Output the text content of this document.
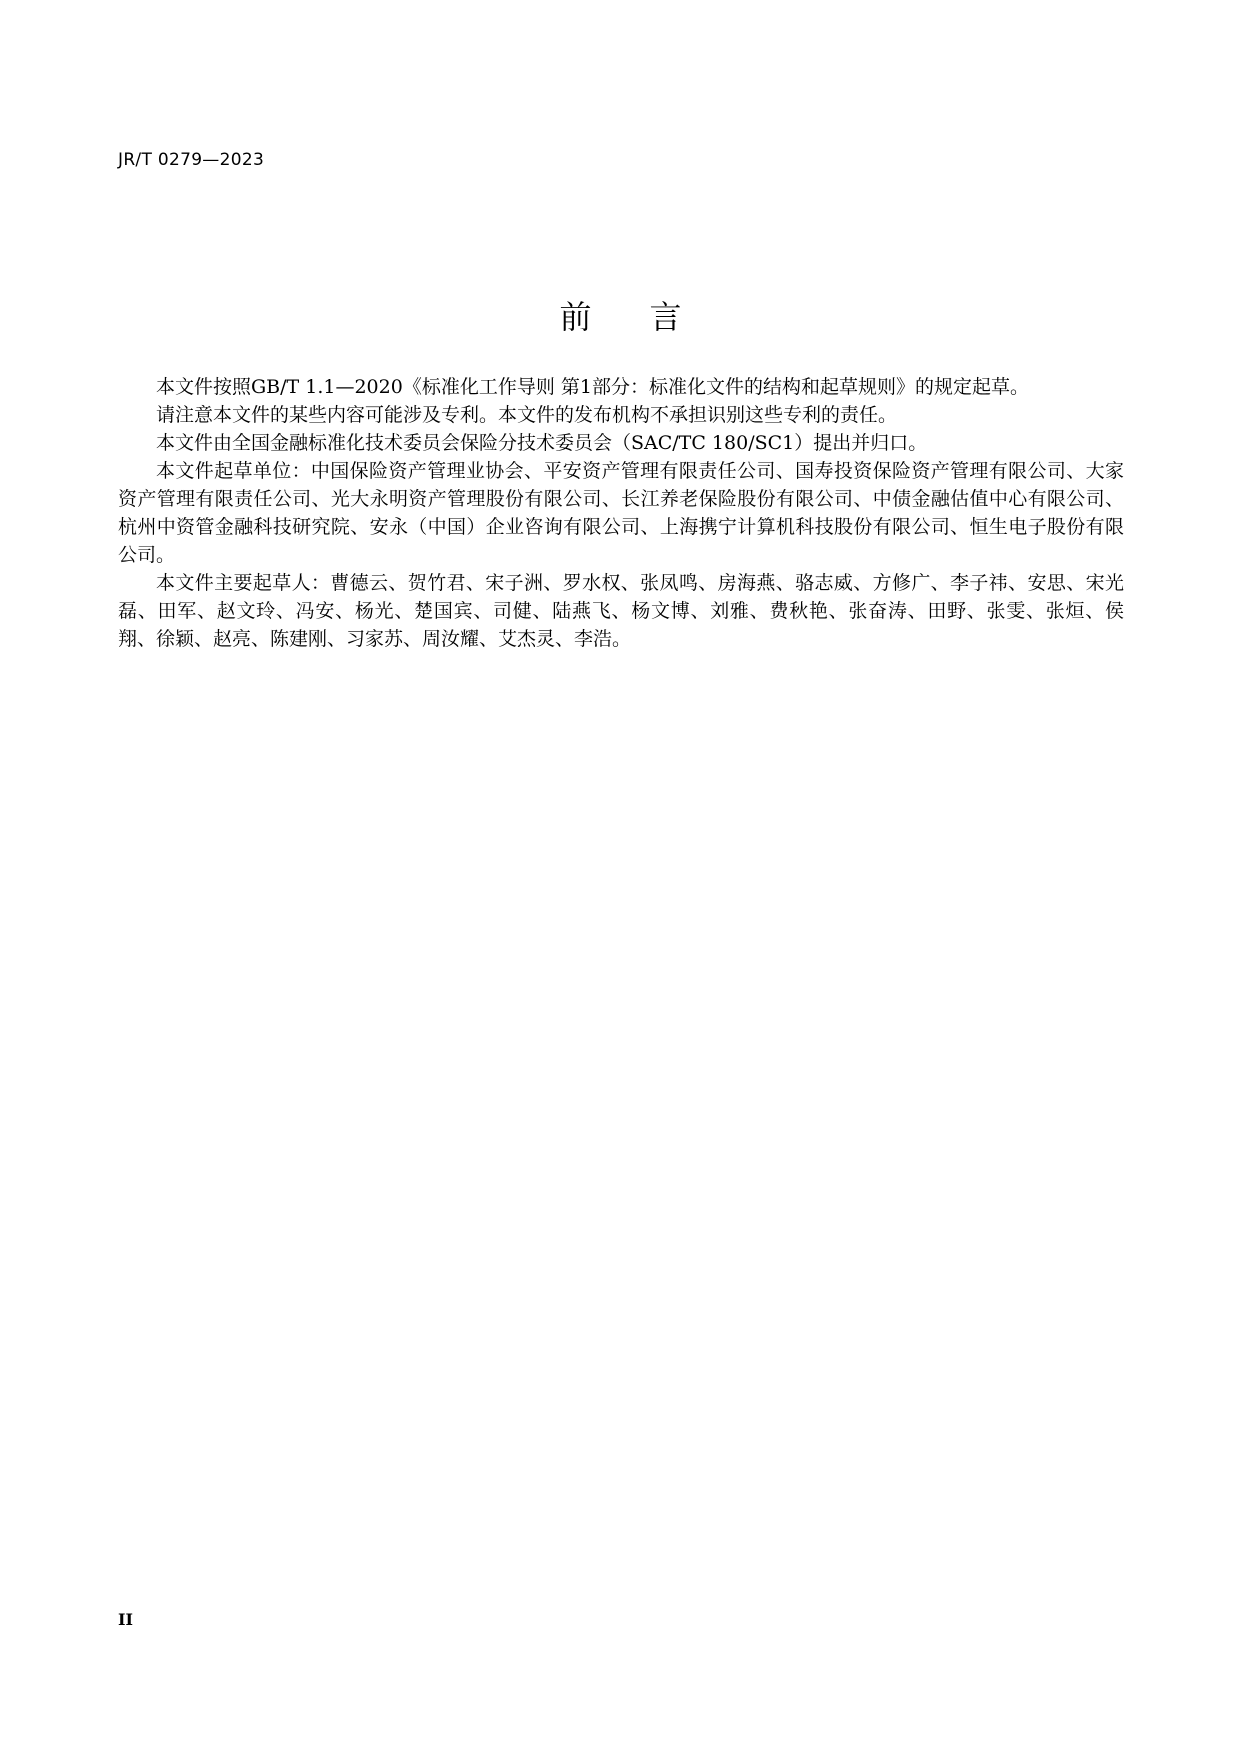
JR/T 0279—2023
前言

本文件按照GB/T 1.1—2020《标准化工作导则 第1部分：标准化文件的结构和起草规则》的规定起草。

请注意本文件的某些内容可能涉及专利。本文件的发布机构不承担识别这些专利的责任。

本文件由全国金融标准化技术委员会保险分技术委员会（SAC/TC 180/SC1）提出并归口。

本文件起草单位：中国保险资产管理业协会、平安资产管理有限责任公司、国寿投资保险资产管理有限公司、大家资产管理有限责任公司、光大永明资产管理股份有限公司、长江养老保险股份有限公司、中债金融估值中心有限公司、杭州中资管金融科技研究院、安永（中国）企业咨询有限公司、上海携宁计算机科技股份有限公司、恒生电子股份有限公司。

本文件主要起草人：曹德云、贺竹君、宋子洲、罗水权、张凤鸣、房海燕、骆志威、方修广、李子祎、安思、宋光磊、田军、赵文玲、冯安、杨光、楚国宾、司健、陆燕飞、杨文博、刘雅、费秋艳、张奋涛、田野、张雯、张烜、侯翔、徐颖、赵亮、陈建刚、习家苏、周汝耀、艾杰灵、李浩。

II
